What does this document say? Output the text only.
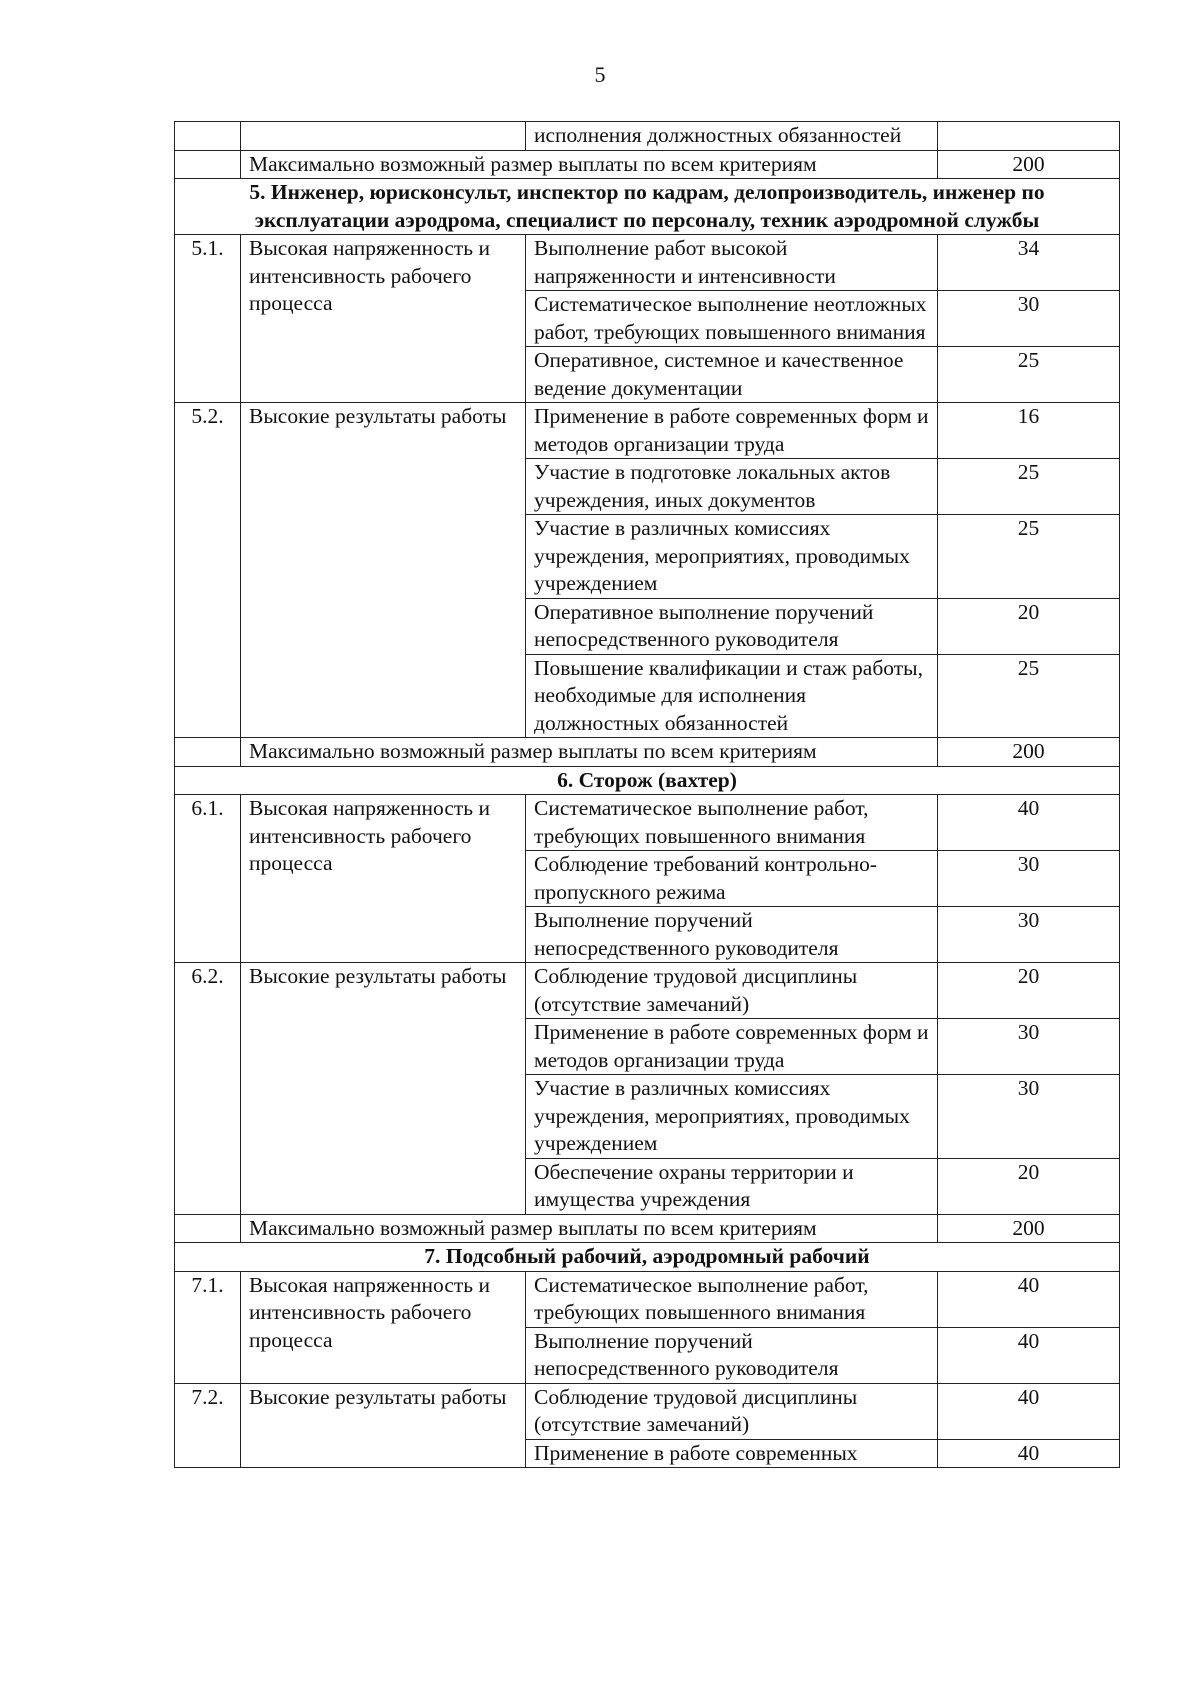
5
		исполнения должностных обязанностей	
	Максимально возможный размер выплаты по всем критериям		200
5. Инженер, юрисконсульт, инспектор по кадрам, делопроизводитель, инженер по эксплуатации аэродрома, специалист по персоналу, техник аэродромной службы			
5.1.	Высокая напряженность и интенсивность рабочего процесса	Выполнение работ высокой напряженности и интенсивности	34
		Систематическое выполнение неотложных работ, требующих повышенного внимания	30
		Оперативное, системное и качественное ведение документации	25
5.2.	Высокие результаты работы	Применение в работе современных форм и методов организации труда	16
		Участие в подготовке локальных актов учреждения, иных документов	25
		Участие в различных комиссиях учреждения, мероприятиях, проводимых учреждением	25
		Оперативное выполнение поручений непосредственного руководителя	20
		Повышение квалификации и стаж работы, необходимые для исполнения должностных обязанностей	25
	Максимально возможный размер выплаты по всем критериям		200
6. Сторож (вахтер)			
6.1.	Высокая напряженность и интенсивность рабочего процесса	Систематическое выполнение работ, требующих повышенного внимания	40
		Соблюдение требований контрольно-пропускного режима	30
		Выполнение поручений непосредственного руководителя	30
6.2.	Высокие результаты работы	Соблюдение трудовой дисциплины (отсутствие замечаний)	20
		Применение в работе современных форм и методов организации труда	30
		Участие в различных комиссиях учреждения, мероприятиях, проводимых учреждением	30
		Обеспечение охраны территории и имущества учреждения	20
	Максимально возможный размер выплаты по всем критериям		200
7. Подсобный рабочий, аэродромный рабочий			
7.1.	Высокая напряженность и интенсивность рабочего процесса	Систематическое выполнение работ, требующих повышенного внимания	40
		Выполнение поручений непосредственного руководителя	40
7.2.	Высокие результаты работы	Соблюдение трудовой дисциплины (отсутствие замечаний)	40
		Применение в работе современных	40
